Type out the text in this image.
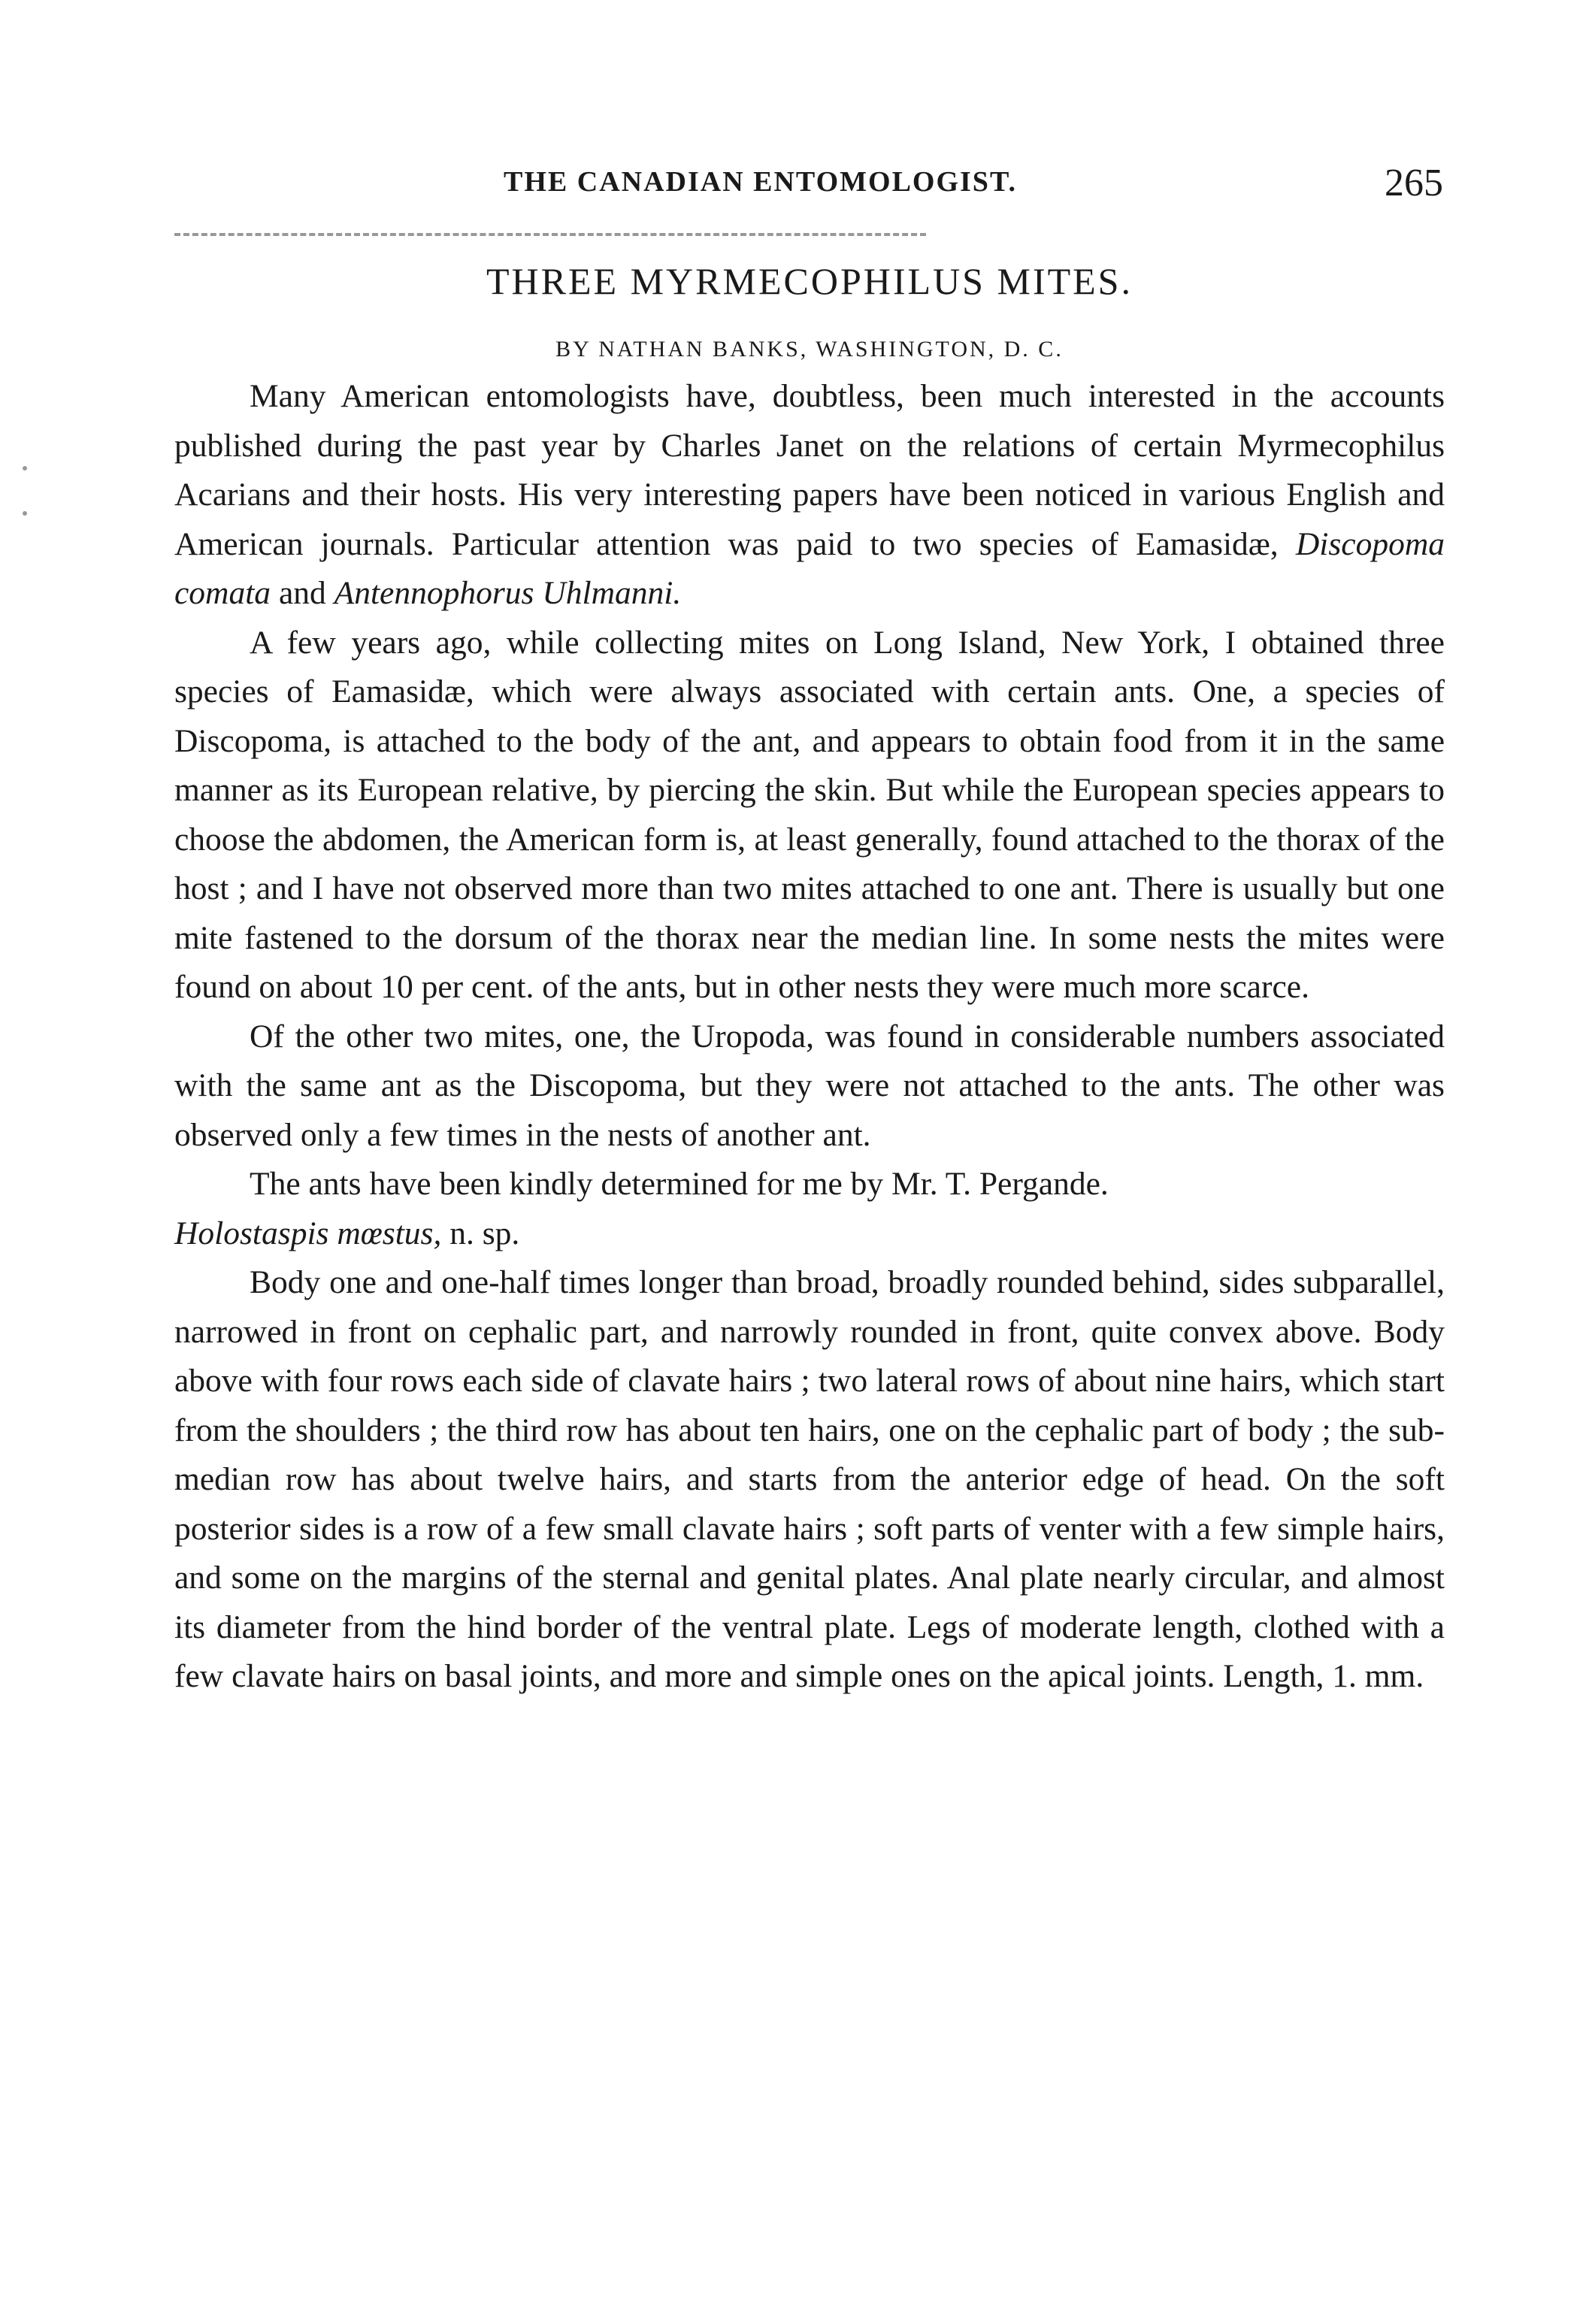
THE CANADIAN ENTOMOLOGIST.	265
THREE MYRMECOPHILUS MITES.
BY NATHAN BANKS, WASHINGTON, D. C.

Many American entomologists have, doubtless, been much interested in the accounts published during the past year by Charles Janet on the relations of certain Myrmecophilus Acarians and their hosts. His very interesting papers have been noticed in various English and American journals. Particular attention was paid to two species of Eamasidæ, Discopoma comata and Antennophorus Uhlmanni.

A few years ago, while collecting mites on Long Island, New York, I obtained three species of Eamasidæ, which were always associated with certain ants. One, a species of Discopoma, is attached to the body of the ant, and appears to obtain food from it in the same manner as its European relative, by piercing the skin. But while the European species appears to choose the abdomen, the American form is, at least generally, found attached to the thorax of the host ; and I have not observed more than two mites attached to one ant. There is usually but one mite fastened to the dorsum of the thorax near the median line. In some nests the mites were found on about 10 per cent. of the ants, but in other nests they were much more scarce.

Of the other two mites, one, the Uropoda, was found in considerable numbers associated with the same ant as the Discopoma, but they were not attached to the ants. The other was observed only a few times in the nests of another ant.

The ants have been kindly determined for me by Mr. T. Pergande.

Holostaspis mœstus, n. sp.

Body one and one-half times longer than broad, broadly rounded behind, sides subparallel, narrowed in front on cephalic part, and narrowly rounded in front, quite convex above. Body above with four rows each side of clavate hairs ; two lateral rows of about nine hairs, which start from the shoulders ; the third row has about ten hairs, one on the cephalic part of body ; the sub-median row has about twelve hairs, and starts from the anterior edge of head. On the soft posterior sides is a row of a few small clavate hairs ; soft parts of venter with a few simple hairs, and some on the margins of the sternal and genital plates. Anal plate nearly circular, and almost its diameter from the hind border of the ventral plate. Legs of moderate length, clothed with a few clavate hairs on basal joints, and more and simple ones on the apical joints. Length, 1. mm.
